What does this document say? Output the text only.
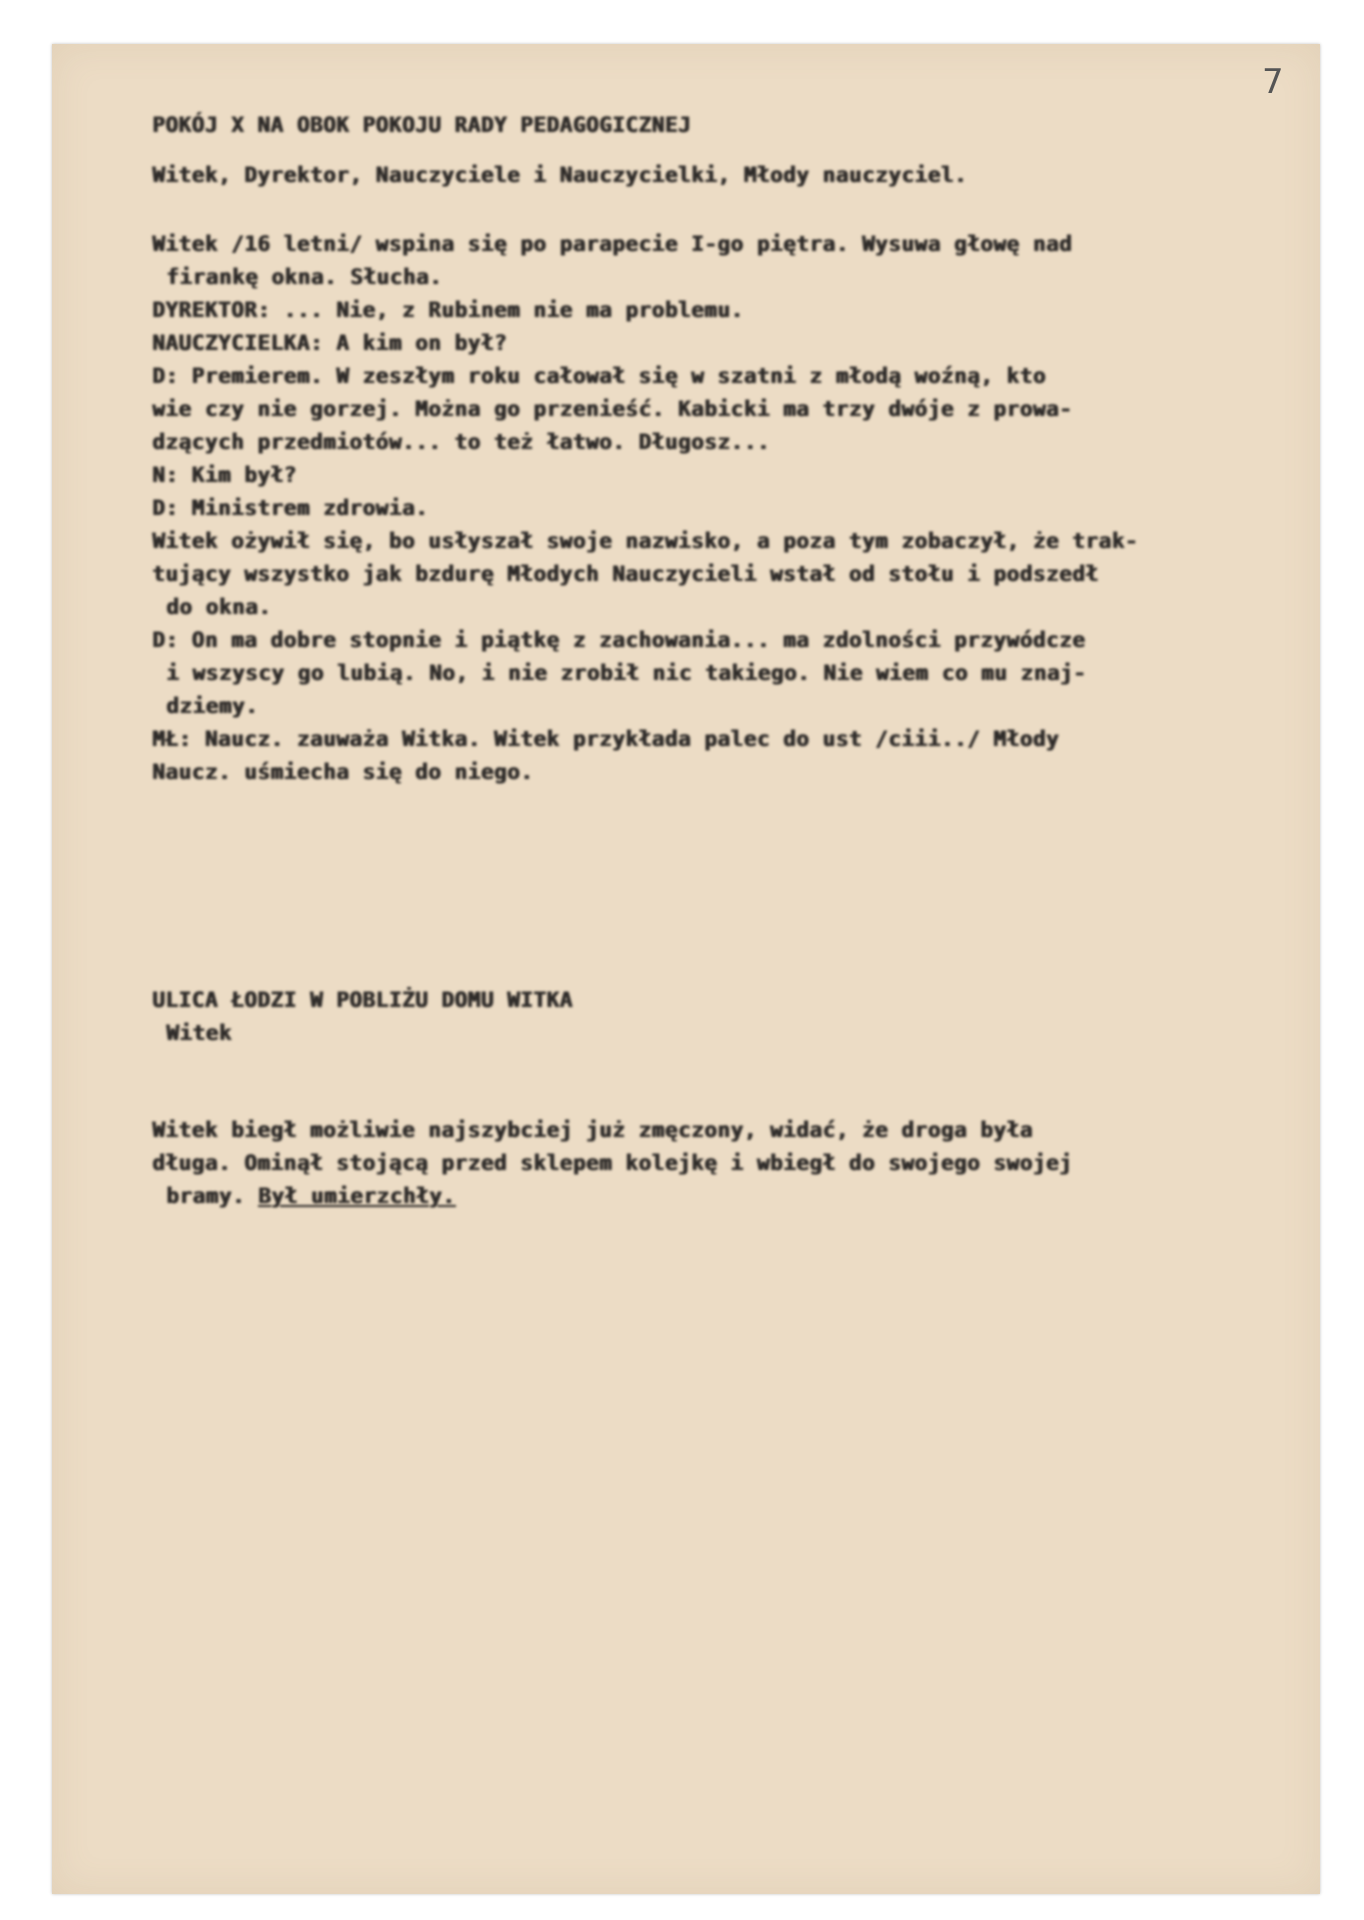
7

POKÓJ X NA OBOK POKOJU RADY PEDAGOGICZNEJ

Witek, Dyrektor, Nauczyciele i Nauczycielki, Młody nauczyciel.

Witek /16 letni/ wspina się po parapecie I-go piętra. Wysuwa głowę nad

firankę okna. Słucha.

DYREKTOR: ... Nie, z Rubinem nie ma problemu.

NAUCZYCIELKA: A kim on był?

D: Premierem. W zeszłym roku całował się w szatni z młodą woźną, kto

wie czy nie gorzej. Można go przenieść. Kabicki ma trzy dwóje z prowa-

dzących przedmiotów... to też łatwo. Długosz...

N: Kim był?

D: Ministrem zdrowia.

Witek ożywił się, bo usłyszał swoje nazwisko, a poza tym zobaczył, że trak-

tujący wszystko jak bzdurę Młodych Nauczycieli wstał od stołu i podszedł

do okna.

D: On ma dobre stopnie i piątkę z zachowania... ma zdolności przywódcze

i wszyscy go lubią. No, i nie zrobił nic takiego. Nie wiem co mu znaj-

dziemy.

MŁ: Naucz. zauważa Witka. Witek przykłada palec do ust /ciii../ Młody

Naucz. uśmiecha się do niego.

ULICA ŁODZI W POBLIŻU DOMU WITKA

Witek

Witek biegł możliwie najszybciej już zmęczony, widać, że droga była

długa. Ominął stojącą przed sklepem kolejkę i wbiegł do swojego swojej

bramy. Był umierzchły.
